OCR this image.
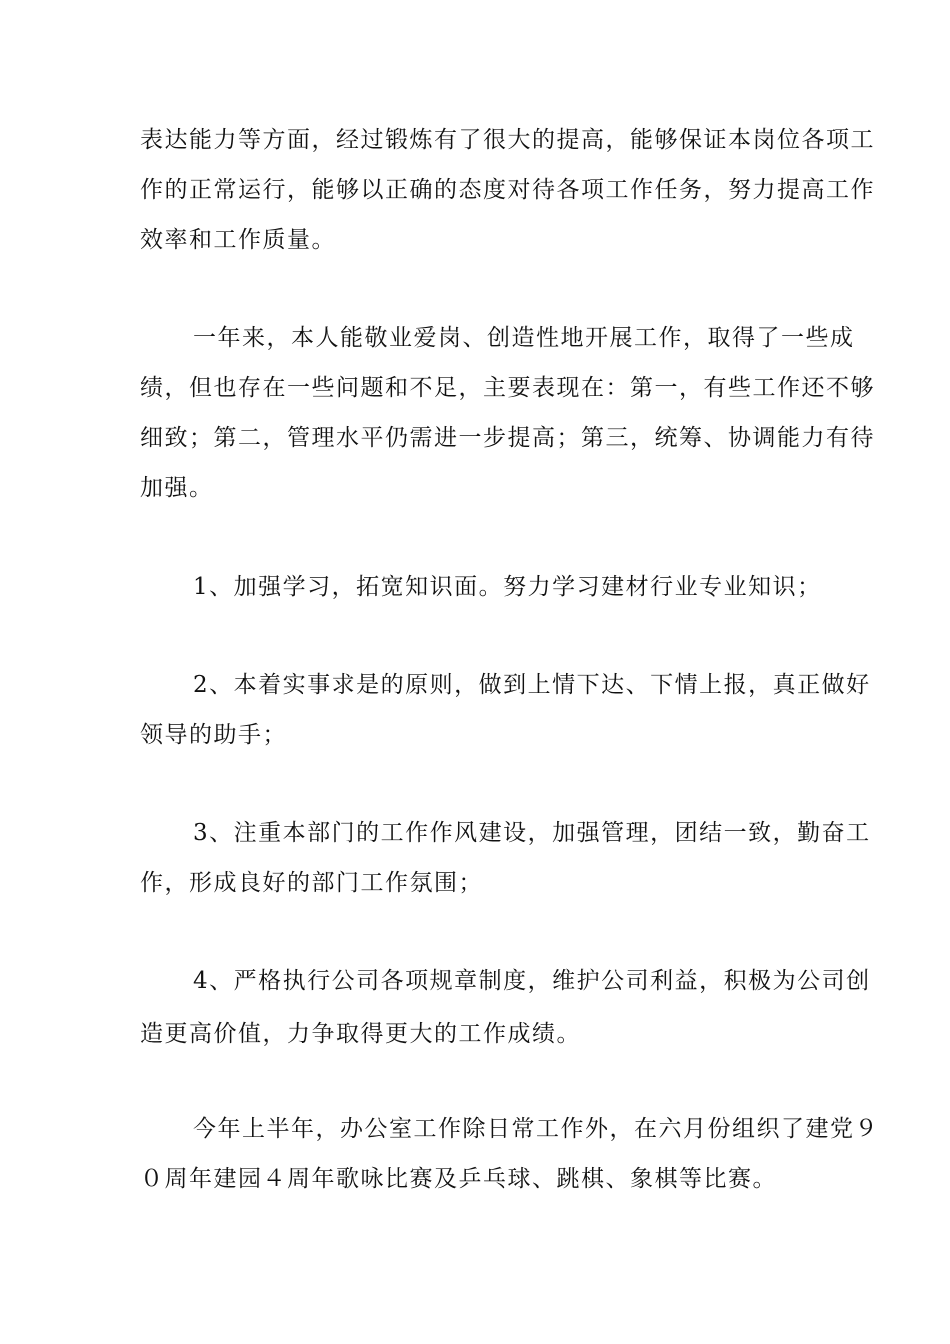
表达能力等方面，经过锻炼有了很大的提高，能够保证本岗位各项工
作的正常运行，能够以正确的态度对待各项工作任务，努力提高工作
效率和工作质量。
一年来，本人能敬业爱岗、创造性地开展工作，取得了一些成
绩，但也存在一些问题和不足，主要表现在：第一，有些工作还不够
细致；第二，管理水平仍需进一步提高；第三，统筹、协调能力有待
加强。
1、加强学习，拓宽知识面。努力学习建材行业专业知识；
2、本着实事求是的原则，做到上情下达、下情上报，真正做好
领导的助手；
3、注重本部门的工作作风建设，加强管理，团结一致，勤奋工
作，形成良好的部门工作氛围；
4、严格执行公司各项规章制度，维护公司利益，积极为公司创
造更高价值，力争取得更大的工作成绩。
今年上半年，办公室工作除日常工作外，在六月份组织了建党９
０周年建园４周年歌咏比赛及乒乓球、跳棋、象棋等比赛。
